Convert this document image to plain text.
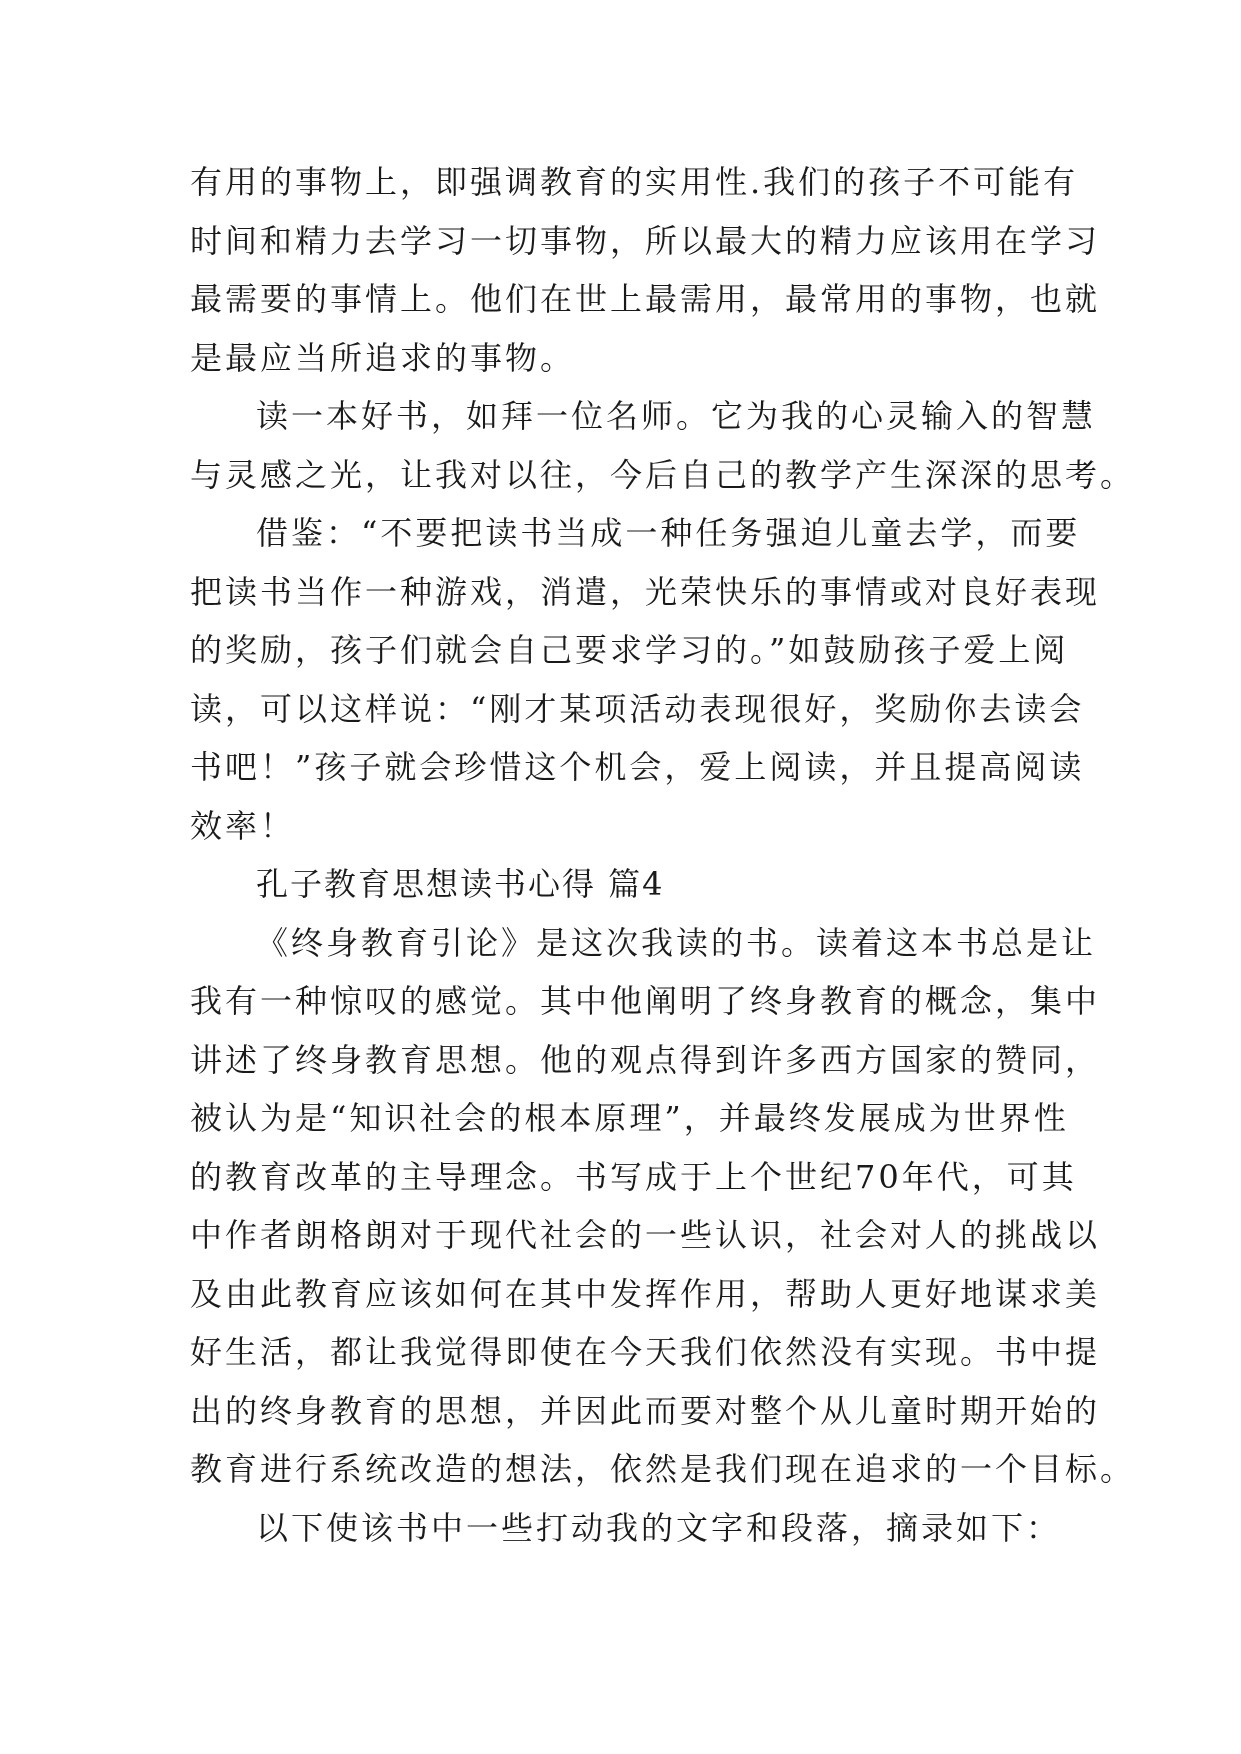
有用的事物上，即强调教育的实用性.我们的孩子不可能有
时间和精力去学习一切事物，所以最大的精力应该用在学习
最需要的事情上。他们在世上最需用，最常用的事物，也就
是最应当所追求的事物。
读一本好书，如拜一位名师。它为我的心灵输入的智慧
与灵感之光，让我对以往，今后自己的教学产生深深的思考。
借鉴：“不要把读书当成一种任务强迫儿童去学，而要
把读书当作一种游戏，消遣，光荣快乐的事情或对良好表现
的奖励，孩子们就会自己要求学习的。”如鼓励孩子爱上阅
读，可以这样说：“刚才某项活动表现很好，奖励你去读会
书吧！”孩子就会珍惜这个机会，爱上阅读，并且提高阅读
效率！
孔子教育思想读书心得 篇4
《终身教育引论》是这次我读的书。读着这本书总是让
我有一种惊叹的感觉。其中他阐明了终身教育的概念，集中
讲述了终身教育思想。他的观点得到许多西方国家的赞同，
被认为是“知识社会的根本原理”，并最终发展成为世界性
的教育改革的主导理念。书写成于上个世纪70年代，可其
中作者朗格朗对于现代社会的一些认识，社会对人的挑战以
及由此教育应该如何在其中发挥作用，帮助人更好地谋求美
好生活，都让我觉得即使在今天我们依然没有实现。书中提
出的终身教育的思想，并因此而要对整个从儿童时期开始的
教育进行系统改造的想法，依然是我们现在追求的一个目标。
以下使该书中一些打动我的文字和段落，摘录如下：
